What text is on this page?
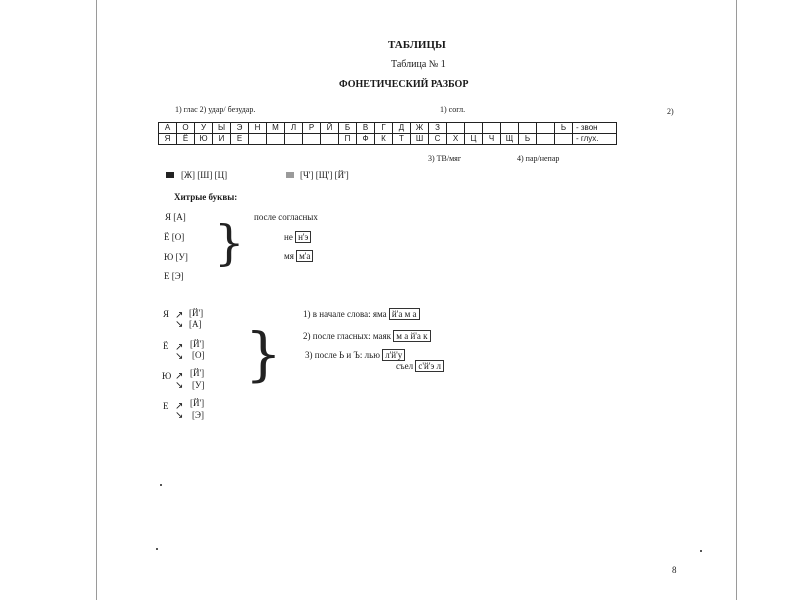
ТАБЛИЦЫ
Таблица № 1
ФОНЕТИЧЕСКИЙ РАЗБОР
1) глас 2) удар/ безудар.	1) согл.	2)
А	О	У	Ы	Э	Н	М	Л	Р	Й	Б	В	Г	Д	Ж	З							Ь	- звон
Я	Ё	Ю	И	Е						П	Ф	К	Т	Ш	С	Х	Ц	Ч	Щ	Ь			- глух.
3) ТВ/мяг	4) пар/непар
[Ж] [Ш] [Ц]	[Ч'] [Щ'] [Й']
Хитрые буквы:
Я [А]
Ё [О]
Ю [У]
Е [Э]
} после согласных
не н'э
мя м'а
Я ↗
↘
[Й']
[А]
Ё ↗
↘
[Й']
[О]
Ю ↗
↘
[Й']
[У]
Е ↗
↘
[Й']
[Э]
}
1) в начале слова: яма й'а м а
2) после гласных: маяк м а й'а к
3) после Ь и Ъ: лью л'й'у
съел с'й'э л
8
